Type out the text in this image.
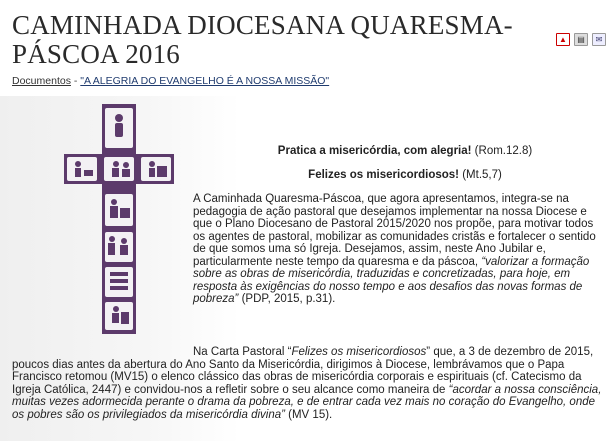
CAMINHADA DIOCESANA QUARESMA-PÁSCOA 2016	▲	▤	✉
Documentos - "A ALEGRIA DO EVANGELHO É A NOSSA MISSÃO"
Pratica a misericórdia, com alegria! (Rom.12.8)
Felizes os misericordiosos! (Mt.5,7)

A Caminhada Quaresma-Páscoa, que agora apresentamos, integra-se na pedagogia de ação pastoral que desejamos implementar na nossa Diocese e que o Plano Diocesano de Pastoral 2015/2020 nos propõe, para motivar todos os agentes de pastoral, mobilizar as comunidades cristãs e fortalecer o sentido de que somos uma só Igreja. Desejamos, assim, neste Ano Jubilar e, particularmente neste tempo da quaresma e da páscoa, “valorizar a formação sobre as obras de misericórdia, traduzidas e concretizadas, para hoje, em resposta às exigências do nosso tempo e aos desafios das novas formas de pobreza” (PDP, 2015, p.31).

Na Carta Pastoral “Felizes os misericordiosos” que, a 3 de dezembro de 2015, poucos dias antes da abertura do Ano Santo da Misericórdia, dirigimos à Diocese, lembrávamos que o Papa Francisco retomou (MV15) o elenco clássico das obras de misericórdia corporais e espirituais (cf. Catecismo da Igreja Católica, 2447) e convidou-nos a refletir sobre o seu alcance como maneira de “acordar a nossa consciência, muitas vezes adormecida perante o drama da pobreza, e de entrar cada vez mais no coração do Evangelho, onde os pobres são os privilegiados da misericórdia divina” (MV 15).
